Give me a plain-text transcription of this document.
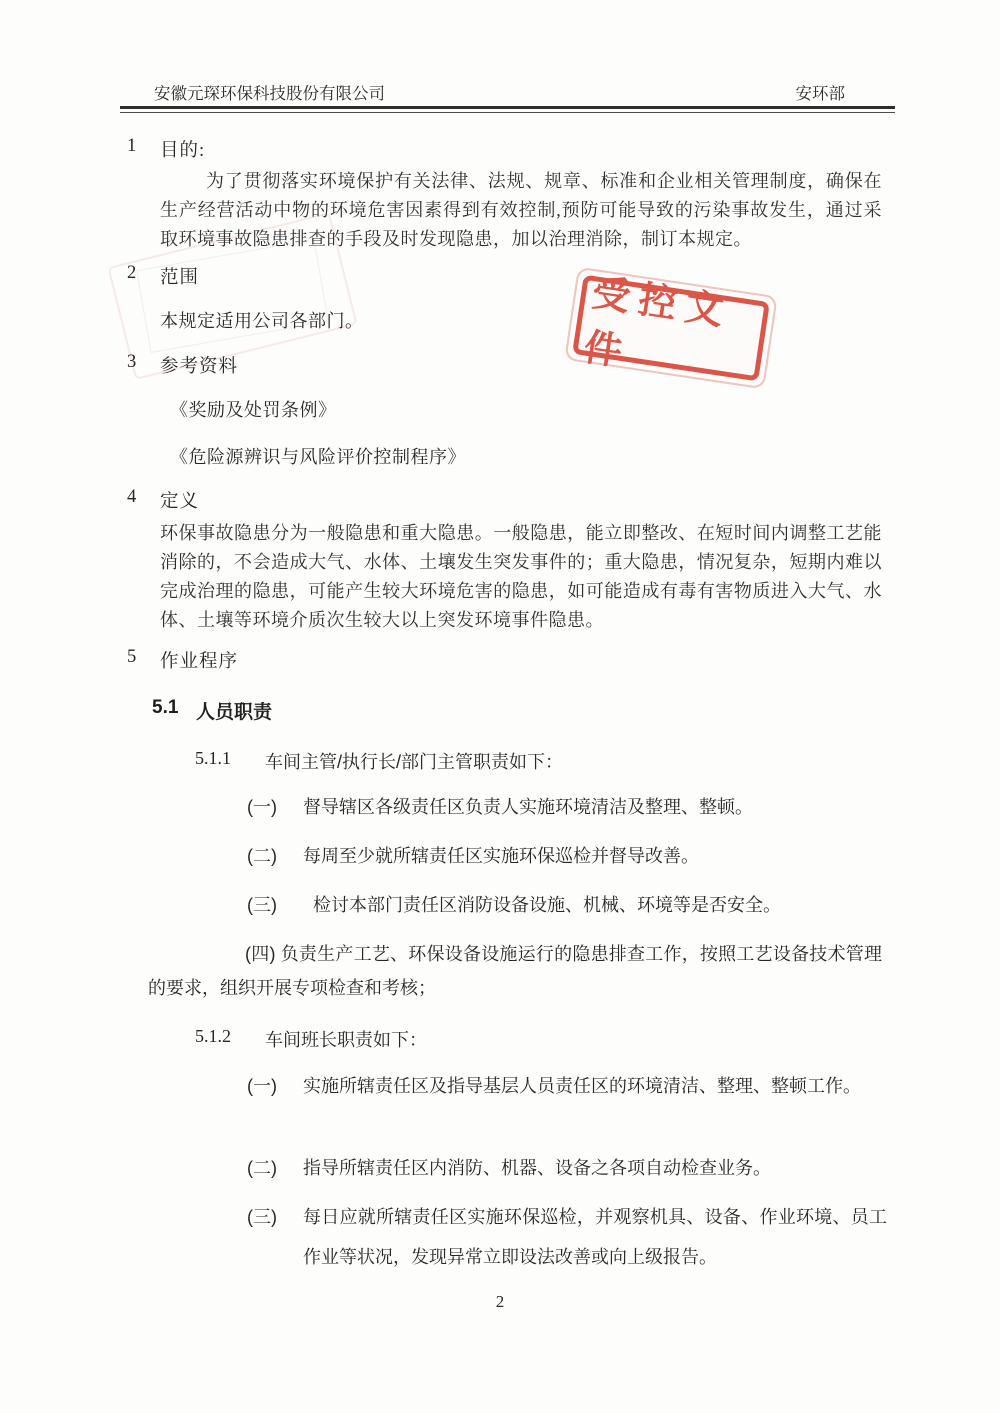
安徽元琛环保科技股份有限公司	安环部
受控文件
1	目的:
为了贯彻落实环境保护有关法律、法规、规章、标准和企业相关管理制度，确保在生产经营活动中物的环境危害因素得到有效控制,预防可能导致的污染事故发生，通过采取环境事故隐患排查的手段及时发现隐患，加以治理消除，制订本规定。
2	范围
本规定适用公司各部门。
3	参考资料
《奖励及处罚条例》
《危险源辨识与风险评价控制程序》
4	定义
环保事故隐患分为一般隐患和重大隐患。一般隐患，能立即整改、在短时间内调整工艺能消除的，不会造成大气、水体、土壤发生突发事件的；重大隐患，情况复杂，短期内难以完成治理的隐患，可能产生较大环境危害的隐患，如可能造成有毒有害物质进入大气、水体、土壤等环境介质次生较大以上突发环境事件隐患。
5	作业程序
5.1 人员职责
5.1.1	车间主管/执行长/部门主管职责如下：
(一)	督导辖区各级责任区负责人实施环境清洁及整理、整顿。
(二)	每周至少就所辖责任区实施环保巡检并督导改善。
(三)	检讨本部门责任区消防设备设施、机械、环境等是否安全。
(四) 负责生产工艺、环保设备设施运行的隐患排查工作，按照工艺设备技术管理的要求，组织开展专项检查和考核；
5.1.2	车间班长职责如下：
(一)	实施所辖责任区及指导基层人员责任区的环境清洁、整理、整顿工作。
(二)	指导所辖责任区内消防、机器、设备之各项自动检查业务。
(三)	每日应就所辖责任区实施环保巡检，并观察机具、设备、作业环境、员工作业等状况，发现异常立即设法改善或向上级报告。
2
